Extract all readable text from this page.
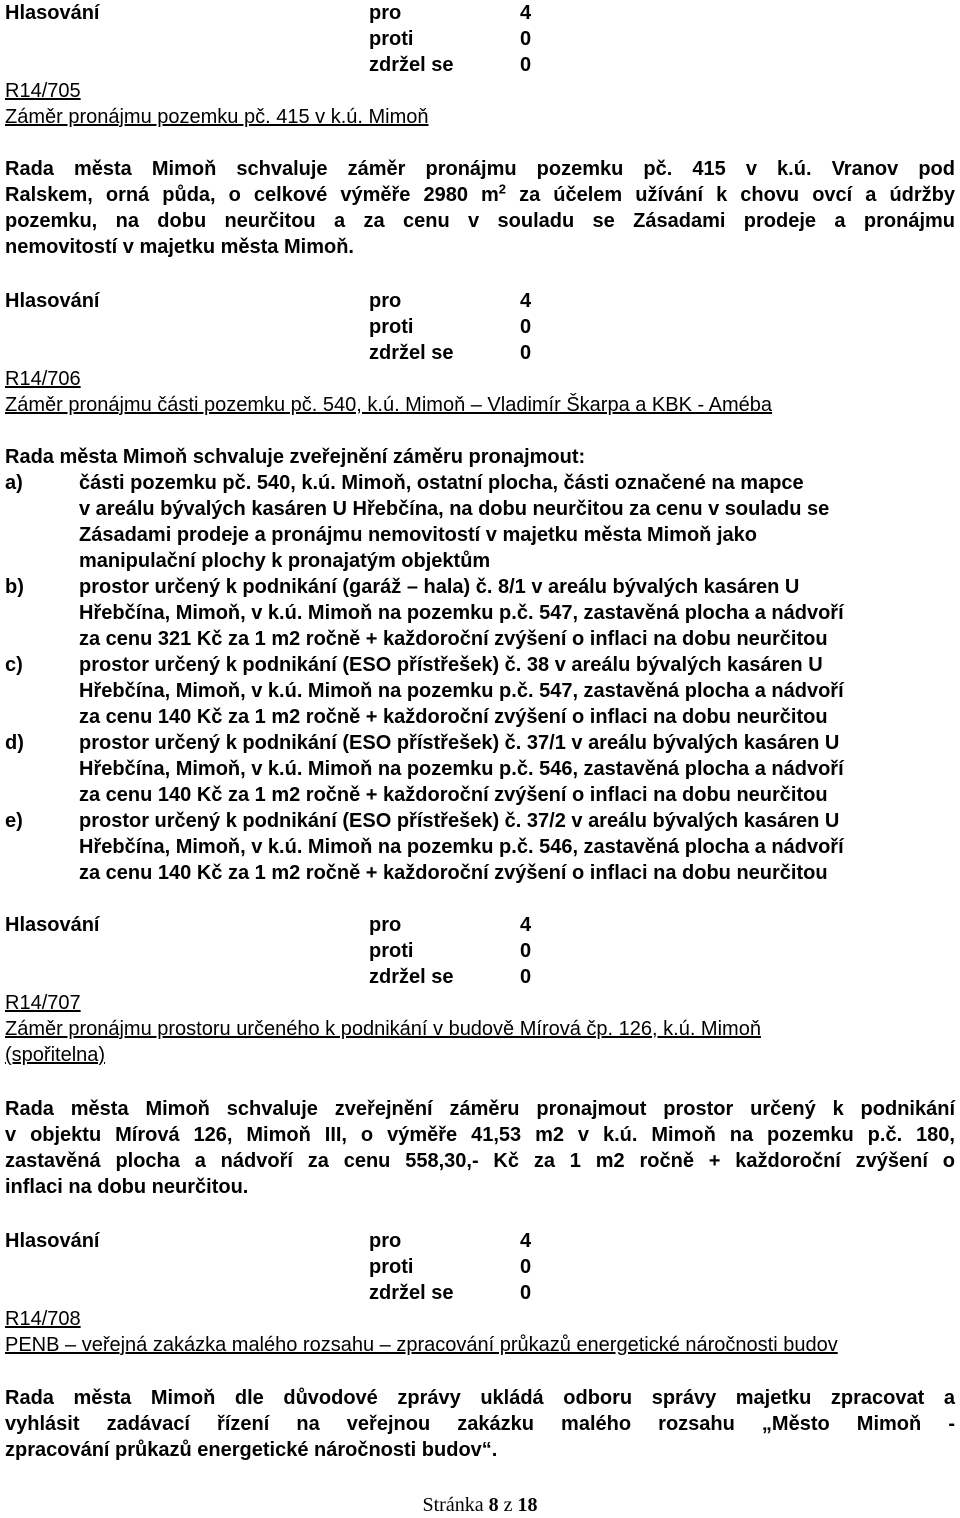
Hlasování	pro	4
proti	0
zdržel se	0
R14/705
Záměr pronájmu pozemku pč. 415 v k.ú. Mimoň
Rada města Mimoň schvaluje záměr pronájmu pozemku pč. 415 v k.ú. Vranov pod
Ralskem, orná půda, o celkové výměře 2980 $m^2$ za účelem užívání k chovu ovcí a údržby
pozemku, na dobu neurčitou a za cenu v souladu se Zásadami prodeje a pronájmu
nemovitostí v majetku města Mimoň.
Hlasování	pro	4
proti	0
zdržel se	0
R14/706
Záměr pronájmu části pozemku pč. 540, k.ú. Mimoň – Vladimír Škarpa a KBK - Améba
Rada města Mimoň schvaluje zveřejnění záměru pronajmout:
a)	části pozemku pč. 540, k.ú. Mimoň, ostatní plocha, části označené na mapce
v areálu bývalých kasáren U Hřebčína, na dobu neurčitou za cenu v souladu se
Zásadami prodeje a pronájmu nemovitostí v majetku města Mimoň jako
manipulační plochy k pronajatým objektům
b)	prostor určený k podnikání (garáž – hala) č. 8/1 v areálu bývalých kasáren U
Hřebčína, Mimoň, v k.ú. Mimoň na pozemku p.č. 547, zastavěná plocha a nádvoří
za cenu 321 Kč za 1 m2 ročně + každoroční zvýšení o inflaci na dobu neurčitou
c)	prostor určený k podnikání (ESO přístřešek) č. 38 v areálu bývalých kasáren U
Hřebčína, Mimoň, v k.ú. Mimoň na pozemku p.č. 547, zastavěná plocha a nádvoří
za cenu 140 Kč za 1 m2 ročně + každoroční zvýšení o inflaci na dobu neurčitou
d)	prostor určený k podnikání (ESO přístřešek) č. 37/1 v areálu bývalých kasáren U
Hřebčína, Mimoň, v k.ú. Mimoň na pozemku p.č. 546, zastavěná plocha a nádvoří
za cenu 140 Kč za 1 m2 ročně + každoroční zvýšení o inflaci na dobu neurčitou
e)	prostor určený k podnikání (ESO přístřešek) č. 37/2 v areálu bývalých kasáren U
Hřebčína, Mimoň, v k.ú. Mimoň na pozemku p.č. 546, zastavěná plocha a nádvoří
za cenu 140 Kč za 1 m2 ročně + každoroční zvýšení o inflaci na dobu neurčitou
Hlasování	pro	4
proti	0
zdržel se	0
R14/707
Záměr pronájmu prostoru určeného k podnikání v budově Mírová čp. 126, k.ú. Mimoň
(spořitelna)
Rada města Mimoň schvaluje zveřejnění záměru pronajmout prostor určený k podnikání
v objektu Mírová 126, Mimoň III, o výměře 41,53 m2 v k.ú. Mimoň na pozemku p.č. 180,
zastavěná plocha a nádvoří za cenu 558,30,- Kč za 1 m2 ročně + každoroční zvýšení o
inflaci na dobu neurčitou.
Hlasování	pro	4
proti	0
zdržel se	0
R14/708
PENB – veřejná zakázka malého rozsahu – zpracování průkazů energetické náročnosti budov
Rada města Mimoň dle důvodové zprávy ukládá odboru správy majetku zpracovat a
vyhlásit zadávací řízení na veřejnou zakázku malého rozsahu „Město Mimoň -
zpracování průkazů energetické náročnosti budov“.
Stránka 8 z 18
